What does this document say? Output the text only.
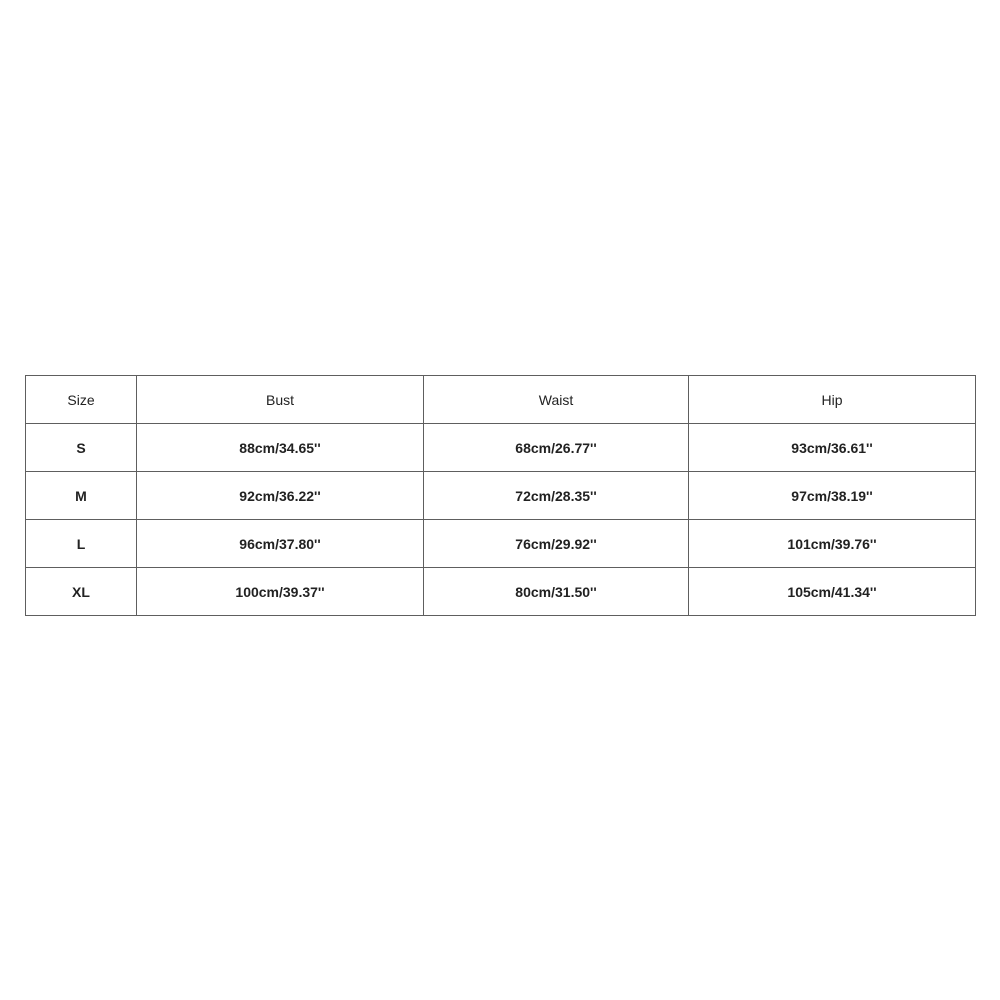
Size	Bust	Waist	Hip
S	88cm/34.65''	68cm/26.77''	93cm/36.61''
M	92cm/36.22''	72cm/28.35''	97cm/38.19''
L	96cm/37.80''	76cm/29.92''	101cm/39.76''
XL	100cm/39.37''	80cm/31.50''	105cm/41.34''
